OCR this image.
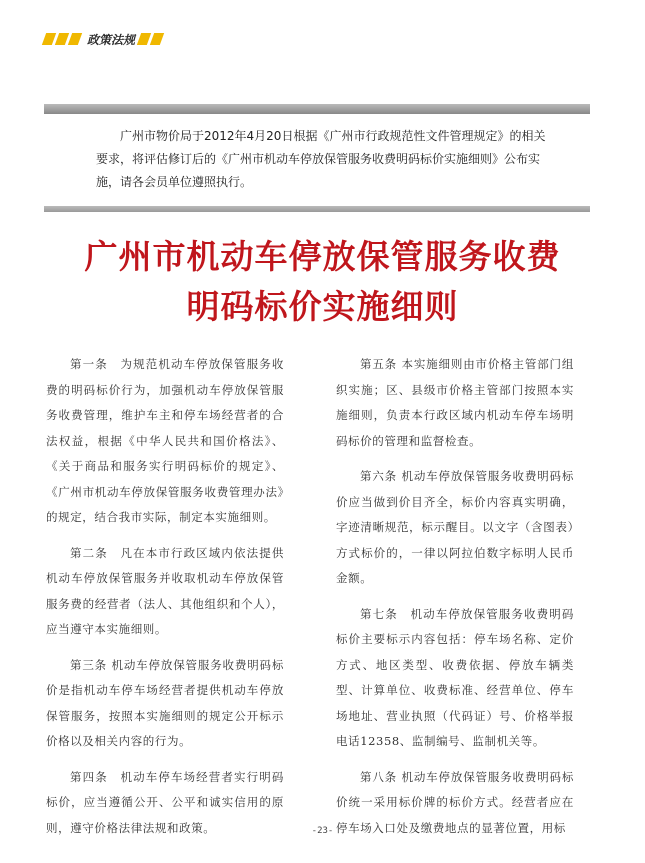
政策法规
广州市物价局于2012年4月20日根据《广州市行政规范性文件管理规定》的相关要求，将评估修订后的《广州市机动车停放保管服务收费明码标价实施细则》公布实施，请各会员单位遵照执行。
广州市机动车停放保管服务收费
明码标价实施细则

第一条　为规范机动车停放保管服务收费的明码标价行为，加强机动车停放保管服务收费管理，维护车主和停车场经营者的合法权益，根据《中华人民共和国价格法》、《关于商品和服务实行明码标价的规定》、《广州市机动车停放保管服务收费管理办法》的规定，结合我市实际，制定本实施细则。

第二条　凡在本市行政区域内依法提供机动车停放保管服务并收取机动车停放保管服务费的经营者（法人、其他组织和个人），应当遵守本实施细则。

第三条 机动车停放保管服务收费明码标价是指机动车停车场经营者提供机动车停放保管服务，按照本实施细则的规定公开标示价格以及相关内容的行为。

第四条　机动车停车场经营者实行明码标价，应当遵循公开、公平和诚实信用的原则，遵守价格法律法规和政策。

第五条 本实施细则由市价格主管部门组织实施；区、县级市价格主管部门按照本实施细则，负责本行政区域内机动车停车场明码标价的管理和监督检查。

第六条 机动车停放保管服务收费明码标价应当做到价目齐全，标价内容真实明确，字迹清晰规范，标示醒目。以文字（含图表）方式标价的，一律以阿拉伯数字标明人民币金额。

第七条　机动车停放保管服务收费明码标价主要标示内容包括：停车场名称、定价方式、地区类型、收费依据、停放车辆类型、计算单位、收费标准、经营单位、停车场地址、营业执照（代码证）号、价格举报电话12358、监制编号、监制机关等。

第八条 机动车停放保管服务收费明码标价统一采用标价牌的标价方式。经营者应在停车场入口处及缴费地点的显著位置，用标

-23-
